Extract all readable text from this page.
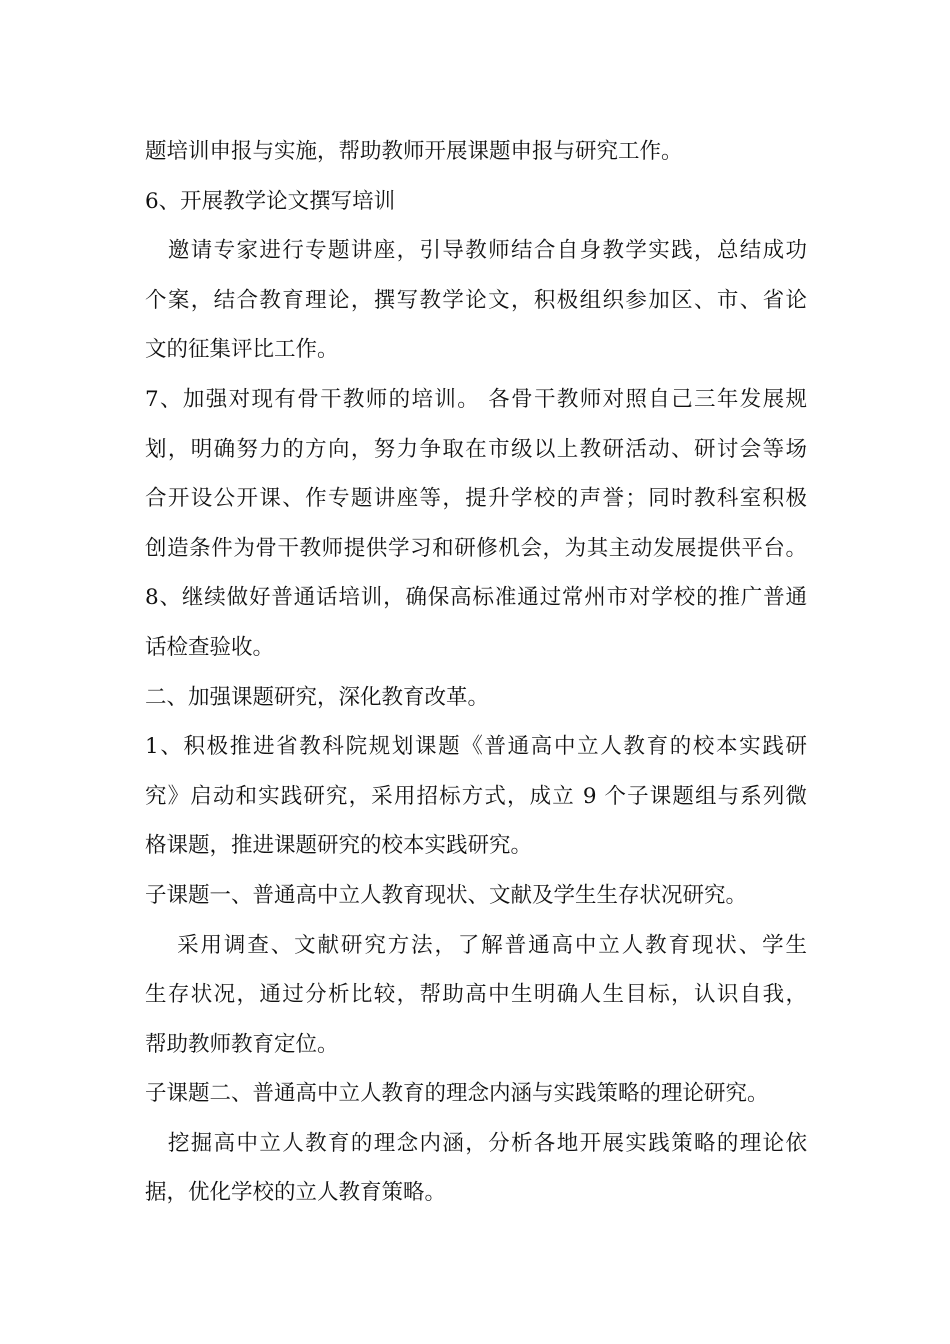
题培训申报与实施，帮助教师开展课题申报与研究工作。
6、开展教学论文撰写培训
　邀请专家进行专题讲座，引导教师结合自身教学实践，总结成功
个案，结合教育理论，撰写教学论文，积极组织参加区、市、省论
文的征集评比工作。
7、加强对现有骨干教师的培训。 各骨干教师对照自己三年发展规
划，明确努力的方向，努力争取在市级以上教研活动、研讨会等场
合开设公开课、作专题讲座等，提升学校的声誉；同时教科室积极
创造条件为骨干教师提供学习和研修机会，为其主动发展提供平台。
8、继续做好普通话培训，确保高标准通过常州市对学校的推广普通
话检查验收。
二、加强课题研究，深化教育改革。
1、积极推进省教科院规划课题《普通高中立人教育的校本实践研
究》启动和实践研究，采用招标方式，成立 9 个子课题组与系列微
格课题，推进课题研究的校本实践研究。
子课题一、普通高中立人教育现状、文献及学生生存状况研究。
　 采用调查、文献研究方法，了解普通高中立人教育现状、学生
生存状况，通过分析比较，帮助高中生明确人生目标，认识自我，
帮助教师教育定位。
子课题二、普通高中立人教育的理念内涵与实践策略的理论研究。
　挖掘高中立人教育的理念内涵，分析各地开展实践策略的理论依
据，优化学校的立人教育策略。
